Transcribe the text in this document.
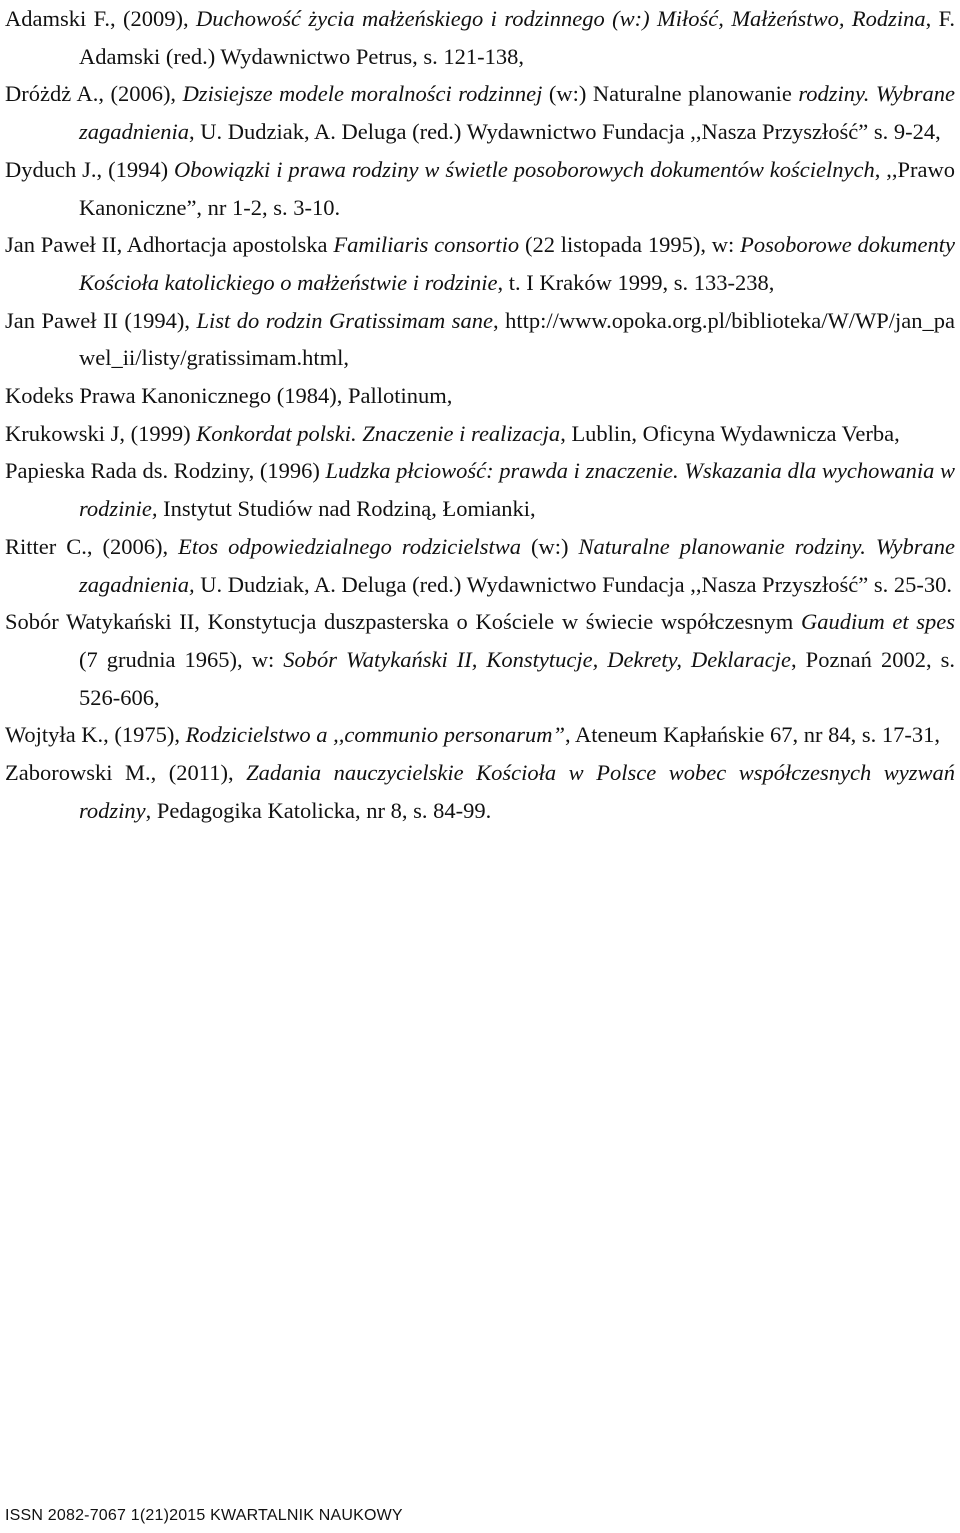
Adamski F., (2009), Duchowość życia małżeńskiego i rodzinnego (w:) Miłość, Małżeństwo, Rodzina, F. Adamski (red.) Wydawnictwo Petrus, s. 121-138,

Dróżdż A., (2006), Dzisiejsze modele moralności rodzinnej (w:) Naturalne planowanie rodziny. Wybrane zagadnienia, U. Dudziak, A. Deluga (red.) Wydawnictwo Fundacja ,,Nasza Przyszłość” s. 9-24,

Dyduch J., (1994) Obowiązki i prawa rodziny w świetle posoborowych dokumentów kościelnych, ,,Prawo Kanoniczne”, nr 1-2, s. 3-10.

Jan Paweł II, Adhortacja apostolska Familiaris consortio (22 listopada 1995), w: Posoborowe dokumenty Kościoła katolickiego o małżeństwie i rodzinie, t. I Kraków 1999, s. 133-238,

Jan Paweł II (1994), List do rodzin Gratissimam sane, http://www.opoka.org.pl/biblioteka/W/WP/jan_pawel_ii/listy/gratissimam.html,

Kodeks Prawa Kanonicznego (1984), Pallotinum,

Krukowski J, (1999) Konkordat polski. Znaczenie i realizacja, Lublin, Oficyna Wydawnicza Verba,

Papieska Rada ds. Rodziny, (1996) Ludzka płciowość: prawda i znaczenie. Wskazania dla wychowania w rodzinie, Instytut Studiów nad Rodziną, Łomianki,

Ritter C., (2006), Etos odpowiedzialnego rodzicielstwa (w:) Naturalne planowanie rodziny. Wybrane zagadnienia, U. Dudziak, A. Deluga (red.) Wydawnictwo Fundacja ,,Nasza Przyszłość” s. 25-30.

Sobór Watykański II, Konstytucja duszpasterska o Kościele w świecie współczesnym Gaudium et spes (7 grudnia 1965), w: Sobór Watykański II, Konstytucje, Dekrety, Deklaracje, Poznań 2002, s. 526-606,

Wojtyła K., (1975), Rodzicielstwo a ,,communio personarum”, Ateneum Kapłańskie 67, nr 84, s. 17-31,

Zaborowski M., (2011), Zadania nauczycielskie Kościoła w Polsce wobec współczesnych wyzwań rodziny, Pedagogika Katolicka, nr 8, s. 84-99.

ISSN 2082-7067 1(21)2015 KWARTALNIK NAUKOWY
